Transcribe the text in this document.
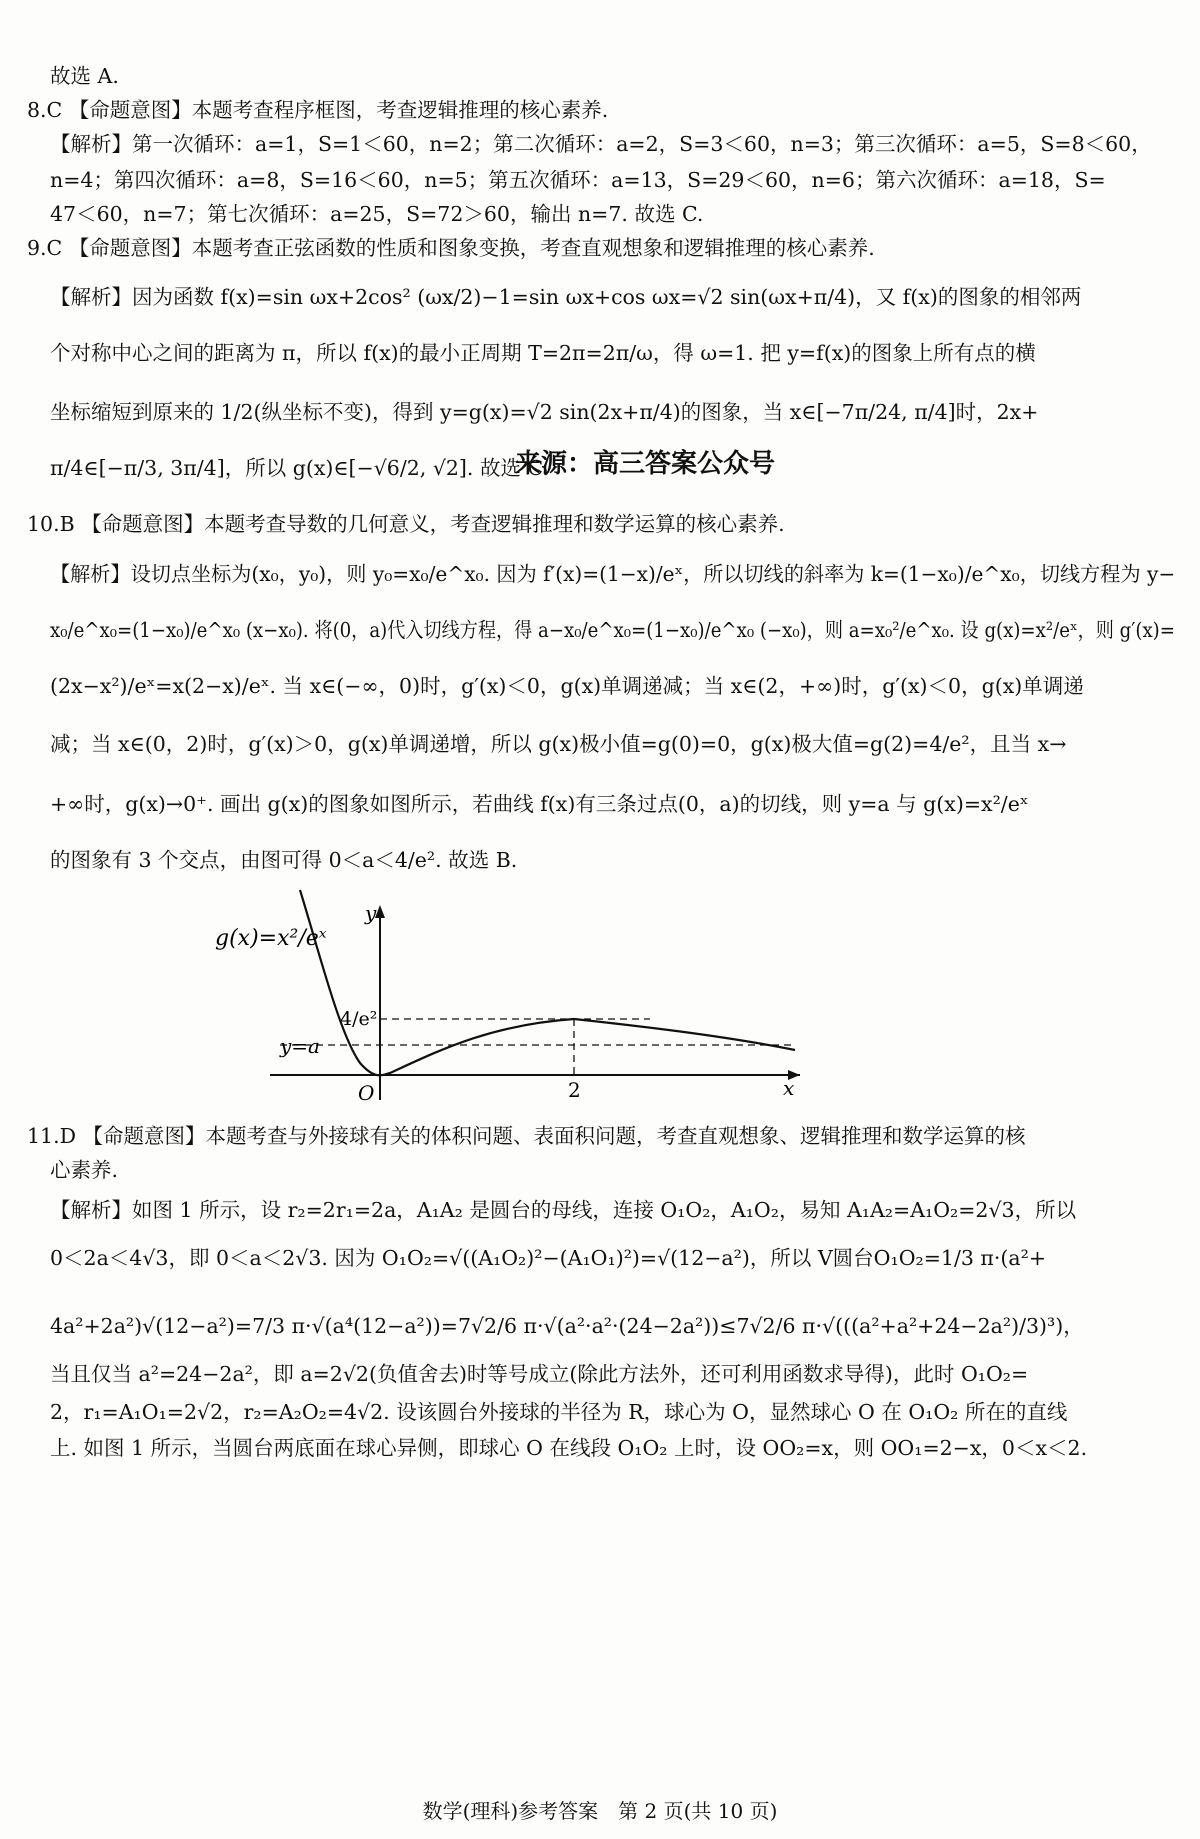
故选 A.
8.C 【命题意图】本题考查程序框图，考查逻辑推理的核心素养.
【解析】第一次循环：a=1，S=1＜60，n=2；第二次循环：a=2，S=3＜60，n=3；第三次循环：a=5，S=8＜60，
n=4；第四次循环：a=8，S=16＜60，n=5；第五次循环：a=13，S=29＜60，n=6；第六次循环：a=18，S=
47＜60，n=7；第七次循环：a=25，S=72＞60，输出 n=7. 故选 C.
9.C 【命题意图】本题考查正弦函数的性质和图象变换，考查直观想象和逻辑推理的核心素养.
【解析】因为函数 f(x)=sin ωx+2cos² (ωx/2)−1=sin ωx+cos ωx=√2 sin(ωx+π/4)，又 f(x)的图象的相邻两
个对称中心之间的距离为 π，所以 f(x)的最小正周期 T=2π=2π/ω，得 ω=1. 把 y=f(x)的图象上所有点的横
坐标缩短到原来的 1/2(纵坐标不变)，得到 y=g(x)=√2 sin(2x+π/4)的图象，当 x∈[−7π/24, π/4]时，2x+
π/4∈[−π/3, 3π/4]，所以 g(x)∈[−√6/2, √2]. 故选 C.
来源：高三答案公众号
10.B 【命题意图】本题考查导数的几何意义，考查逻辑推理和数学运算的核心素养.
【解析】设切点坐标为(x₀，y₀)，则 y₀=x₀/e^x₀. 因为 f′(x)=(1−x)/eˣ，所以切线的斜率为 k=(1−x₀)/e^x₀，切线方程为 y−
x₀/e^x₀=(1−x₀)/e^x₀ (x−x₀). 将(0，a)代入切线方程，得 a−x₀/e^x₀=(1−x₀)/e^x₀ (−x₀)，则 a=x₀²/e^x₀. 设 g(x)=x²/eˣ，则 g′(x)=
(2x−x²)/eˣ=x(2−x)/eˣ. 当 x∈(−∞，0)时，g′(x)＜0，g(x)单调递减；当 x∈(2，+∞)时，g′(x)＜0，g(x)单调递
减；当 x∈(0，2)时，g′(x)＞0，g(x)单调递增，所以 g(x)极小值=g(0)=0，g(x)极大值=g(2)=4/e²，且当 x→
+∞时，g(x)→0⁺. 画出 g(x)的图象如图所示，若曲线 f(x)有三条过点(0，a)的切线，则 y=a 与 g(x)=x²/eˣ
的图象有 3 个交点，由图可得 0＜a＜4/e². 故选 B.
g(x)=x²/eˣ
y=a
4/e²
y
x
O	2
11.D 【命题意图】本题考查与外接球有关的体积问题、表面积问题，考查直观想象、逻辑推理和数学运算的核
心素养.
【解析】如图 1 所示，设 r₂=2r₁=2a，A₁A₂ 是圆台的母线，连接 O₁O₂，A₁O₂，易知 A₁A₂=A₁O₂=2√3，所以
0＜2a＜4√3，即 0＜a＜2√3. 因为 O₁O₂=√((A₁O₂)²−(A₁O₁)²)=√(12−a²)，所以 V圆台O₁O₂=1/3 π·(a²+
4a²+2a²)√(12−a²)=7/3 π·√(a⁴(12−a²))=7√2/6 π·√(a²·a²·(24−2a²))≤7√2/6 π·√(((a²+a²+24−2a²)/3)³)，
当且仅当 a²=24−2a²，即 a=2√2(负值舍去)时等号成立(除此方法外，还可利用函数求导得)，此时 O₁O₂=
2，r₁=A₁O₁=2√2，r₂=A₂O₂=4√2. 设该圆台外接球的半径为 R，球心为 O，显然球心 O 在 O₁O₂ 所在的直线
上. 如图 1 所示，当圆台两底面在球心异侧，即球心 O 在线段 O₁O₂ 上时，设 OO₂=x，则 OO₁=2−x，0＜x＜2.
数学(理科)参考答案　第 2 页(共 10 页)
